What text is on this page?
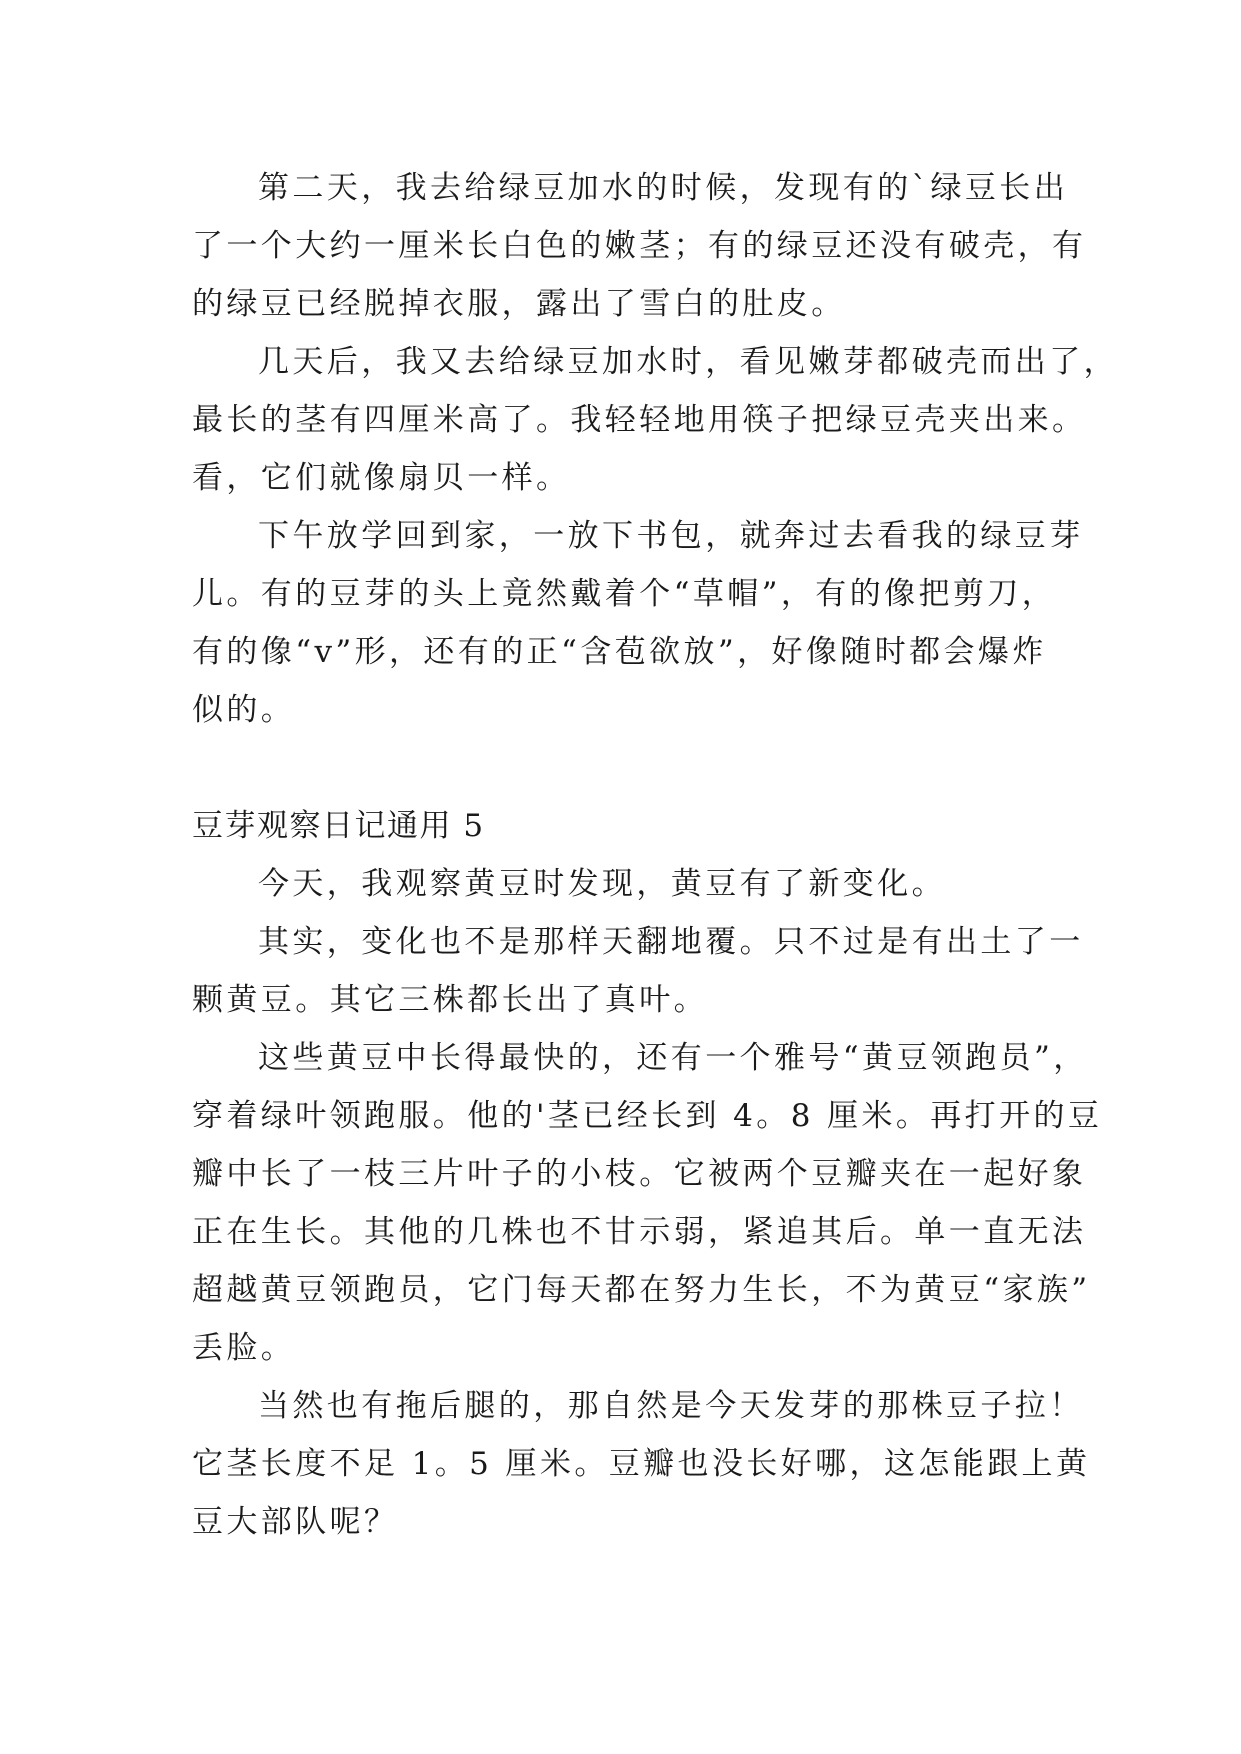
第二天，我去给绿豆加水的时候，发现有的`绿豆长出
了一个大约一厘米长白色的嫩茎；有的绿豆还没有破壳，有
的绿豆已经脱掉衣服，露出了雪白的肚皮。
几天后，我又去给绿豆加水时，看见嫩芽都破壳而出了，
最长的茎有四厘米高了。我轻轻地用筷子把绿豆壳夹出来。
看，它们就像扇贝一样。
下午放学回到家，一放下书包，就奔过去看我的绿豆芽
儿。有的豆芽的头上竟然戴着个“草帽”，有的像把剪刀，
有的像“v”形，还有的正“含苞欲放”，好像随时都会爆炸
似的。
豆芽观察日记通用 5
今天，我观察黄豆时发现，黄豆有了新变化。
其实，变化也不是那样天翻地覆。只不过是有出土了一
颗黄豆。其它三株都长出了真叶。
这些黄豆中长得最快的，还有一个雅号“黄豆领跑员”，
穿着绿叶领跑服。他的'茎已经长到 4。8 厘米。再打开的豆
瓣中长了一枝三片叶子的小枝。它被两个豆瓣夹在一起好象
正在生长。其他的几株也不甘示弱，紧追其后。单一直无法
超越黄豆领跑员，它门每天都在努力生长，不为黄豆“家族”
丢脸。
当然也有拖后腿的，那自然是今天发芽的那株豆子拉！
它茎长度不足 1。5 厘米。豆瓣也没长好哪，这怎能跟上黄
豆大部队呢？
